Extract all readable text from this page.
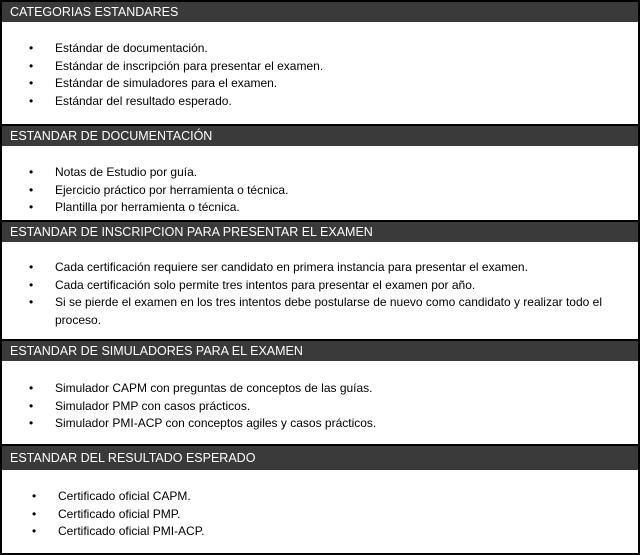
CATEGORIAS ESTANDARES
• Estándar de documentación.
• Estándar de inscripción para presentar el examen.
• Estándar de simuladores para el examen.
• Estándar del resultado esperado.
ESTANDAR DE DOCUMENTACIÓN
• Notas de Estudio por guía.
• Ejercicio práctico por herramienta o técnica.
• Plantilla por herramienta o técnica.
ESTANDAR DE INSCRIPCION PARA PRESENTAR EL EXAMEN
• Cada certificación requiere ser candidato en primera instancia para presentar el examen.
• Cada certificación solo permite tres intentos para presentar el examen por año.
• Si se pierde el examen en los tres intentos debe postularse de nuevo como candidato y realizar todo el proceso.
ESTANDAR DE SIMULADORES PARA EL EXAMEN
• Simulador CAPM con preguntas de conceptos de las guías.
• Simulador PMP con casos prácticos.
• Simulador PMI-ACP con conceptos agiles y casos prácticos.
ESTANDAR DEL RESULTADO ESPERADO
• Certificado oficial CAPM.
• Certificado oficial PMP.
• Certificado oficial PMI-ACP.
